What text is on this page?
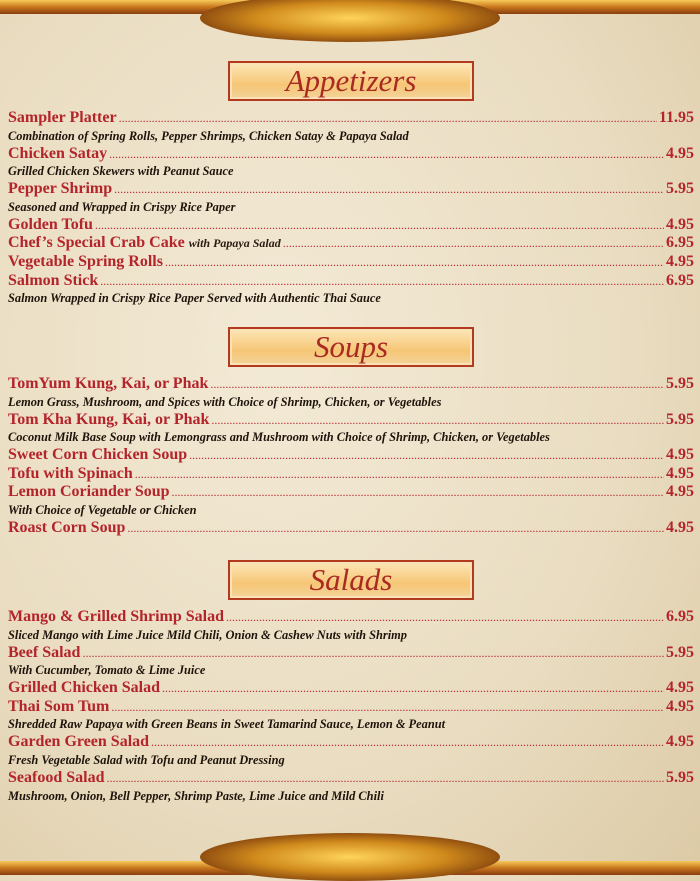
Appetizers
Sampler Platter .....	11.95
Combination of Spring Rolls, Pepper Shrimps, Chicken Satay & Papaya Salad
Chicken Satay .....	4.95
Grilled Chicken Skewers with Peanut Sauce
Pepper Shrimp .....	5.95
Seasoned and Wrapped in Crispy Rice Paper
Golden Tofu .....	4.95
Chef’s Special Crab Cake with Papaya Salad .....	6.95
Vegetable Spring Rolls .....	4.95
Salmon Stick .....	6.95
Salmon Wrapped in Crispy Rice Paper Served with Authentic Thai Sauce
Soups
TomYum Kung, Kai, or Phak .....	5.95
Lemon Grass, Mushroom, and Spices with Choice of Shrimp, Chicken, or Vegetables
Tom Kha Kung, Kai, or Phak .....	5.95
Coconut Milk Base Soup with Lemongrass and Mushroom with Choice of Shrimp, Chicken, or Vegetables
Sweet Corn Chicken Soup .....	4.95
Tofu with Spinach .....	4.95
Lemon Coriander Soup .....	4.95
With Choice of Vegetable or Chicken
Roast Corn Soup .....	4.95
Salads
Mango & Grilled Shrimp Salad .....	6.95
Sliced Mango with Lime Juice Mild Chili, Onion & Cashew Nuts with Shrimp
Beef Salad .....	5.95
With Cucumber, Tomato & Lime Juice
Grilled Chicken Salad .....	4.95
Thai Som Tum .....	4.95
Shredded Raw Papaya with Green Beans in Sweet Tamarind Sauce, Lemon & Peanut
Garden Green Salad .....	4.95
Fresh Vegetable Salad with Tofu and Peanut Dressing
Seafood Salad .....	5.95
Mushroom, Onion, Bell Pepper, Shrimp Paste, Lime Juice and Mild Chili
